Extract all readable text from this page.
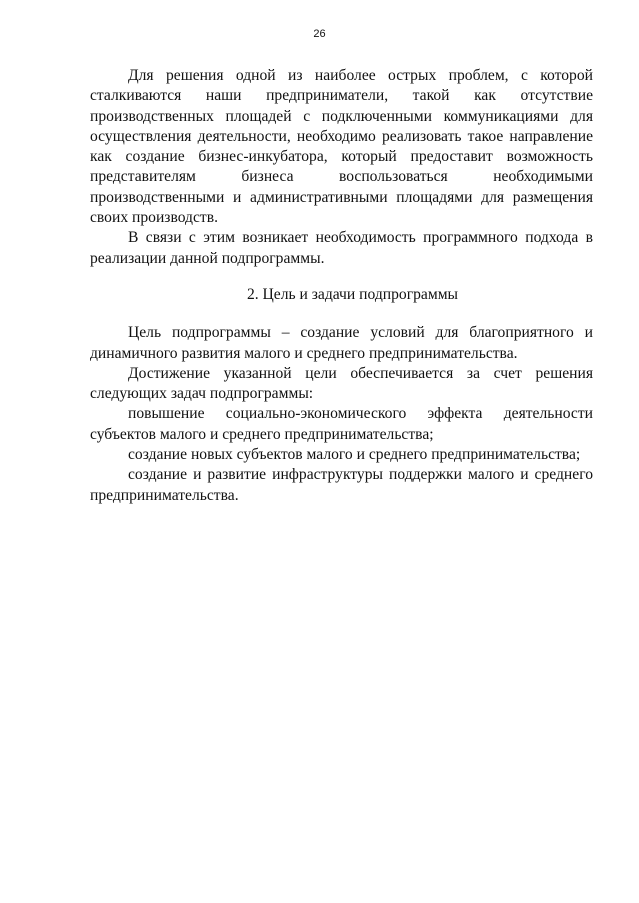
26

Для решения одной из наиболее острых проблем, с которой сталкиваются наши предприниматели, такой как отсутствие производственных площадей с подключенными коммуникациями для осуществления деятельности, необходимо реализовать такое направление как создание бизнес-инкубатора, который предоставит возможность представителям бизнеса воспользоваться необходимыми производственными и административными площадями для размещения своих производств.

В связи с этим возникает необходимость программного подхода в реализации данной подпрограммы.

2. Цель и задачи подпрограммы

Цель подпрограммы – создание условий для благоприятного и динамичного развития малого и среднего предпринимательства.

Достижение указанной цели обеспечивается за счет решения следующих задач подпрограммы:

повышение социально-экономического эффекта деятельности субъектов малого и среднего предпринимательства;

создание новых субъектов малого и среднего предпринимательства;

создание и развитие инфраструктуры поддержки малого и среднего предпринимательства.
